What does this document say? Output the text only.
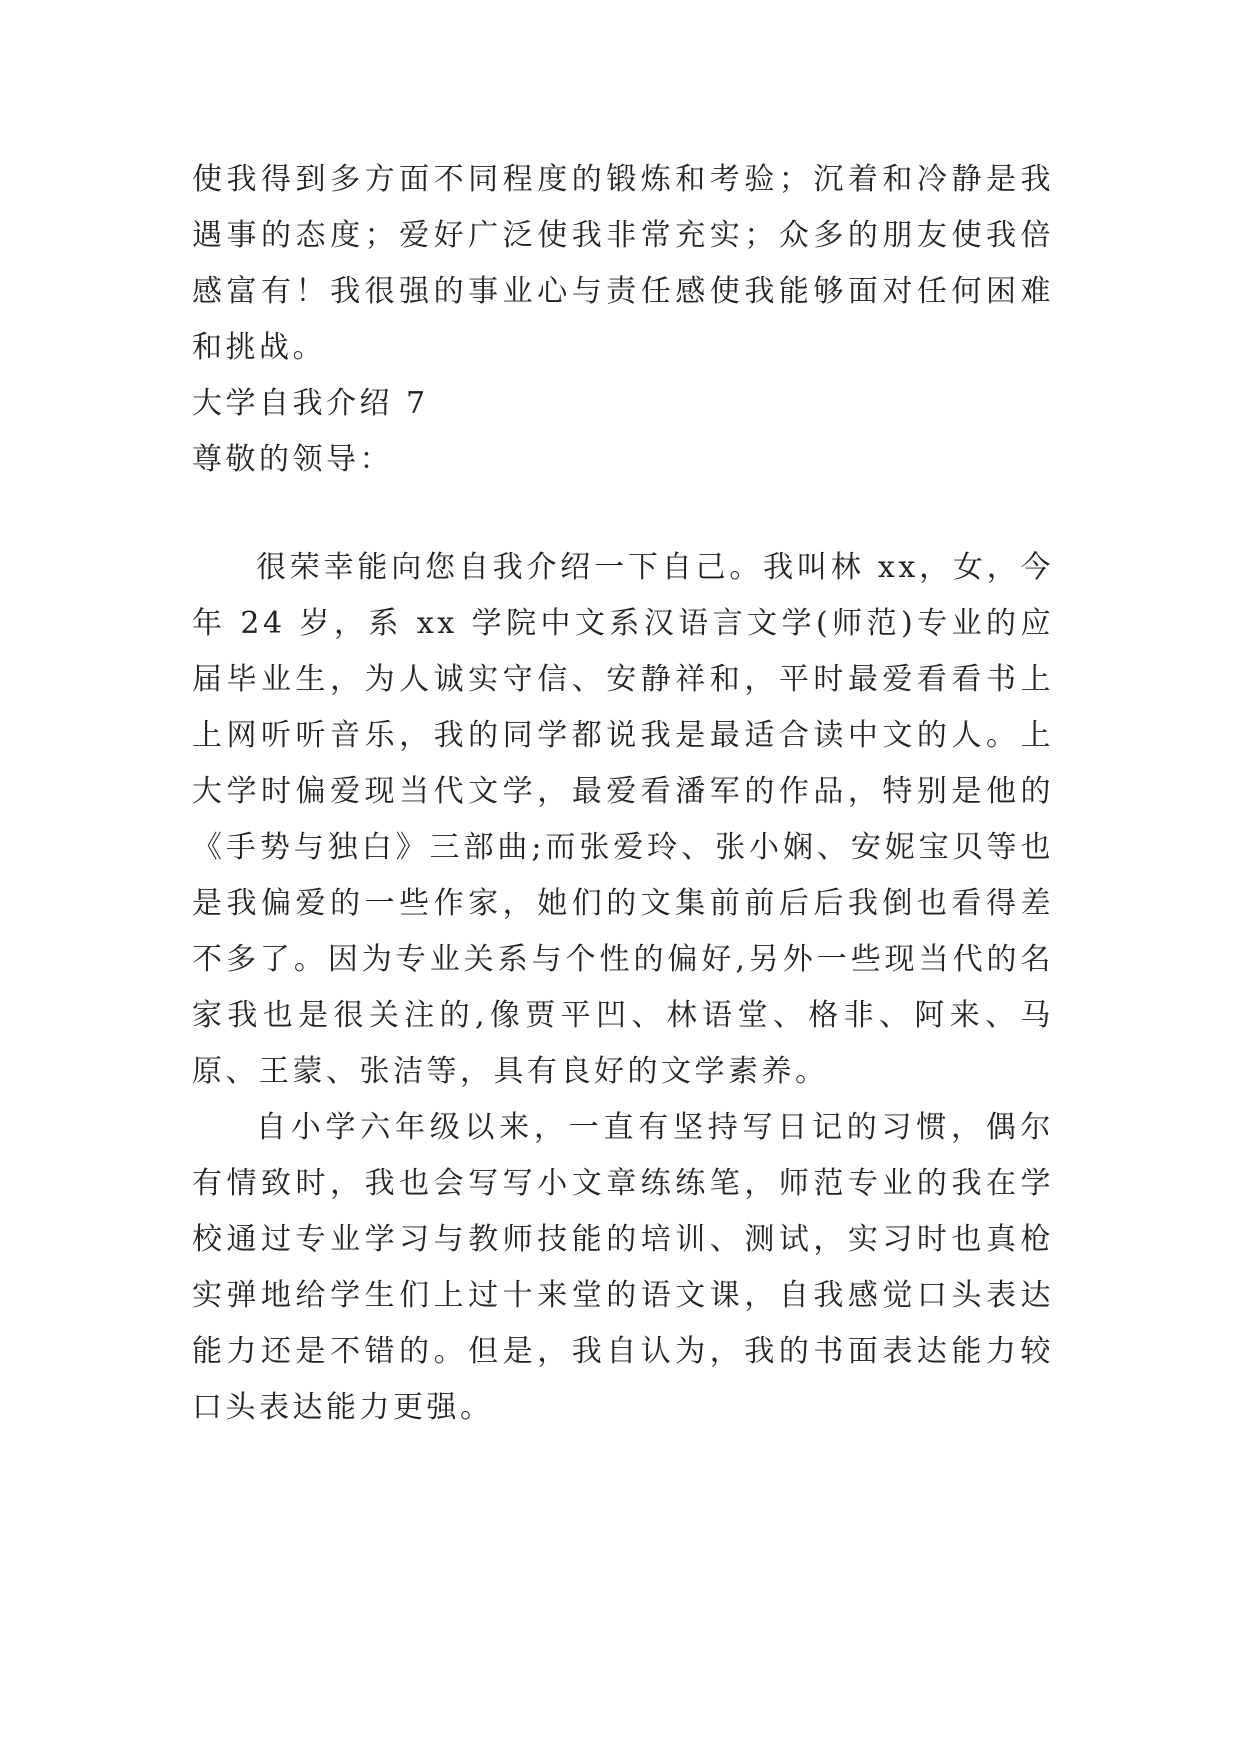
使我得到多方面不同程度的锻炼和考验；沉着和冷静是我遇事的态度；爱好广泛使我非常充实；众多的朋友使我倍感富有！我很强的事业心与责任感使我能够面对任何困难和挑战。

大学自我介绍 7

尊敬的领导：

很荣幸能向您自我介绍一下自己。我叫林 xx，女，今年 24 岁，系 xx 学院中文系汉语言文学(师范)专业的应届毕业生，为人诚实守信、安静祥和，平时最爱看看书上上网听听音乐，我的同学都说我是最适合读中文的人。上大学时偏爱现当代文学，最爱看潘军的作品，特别是他的《手势与独白》三部曲;而张爱玲、张小娴、安妮宝贝等也是我偏爱的一些作家，她们的文集前前后后我倒也看得差不多了。因为专业关系与个性的偏好,另外一些现当代的名家我也是很关注的,像贾平凹、林语堂、格非、阿来、马原、王蒙、张洁等，具有良好的文学素养。

自小学六年级以来，一直有坚持写日记的习惯，偶尔有情致时，我也会写写小文章练练笔，师范专业的我在学校通过专业学习与教师技能的培训、测试，实习时也真枪实弹地给学生们上过十来堂的语文课，自我感觉口头表达能力还是不错的。但是，我自认为，我的书面表达能力较口头表达能力更强。
